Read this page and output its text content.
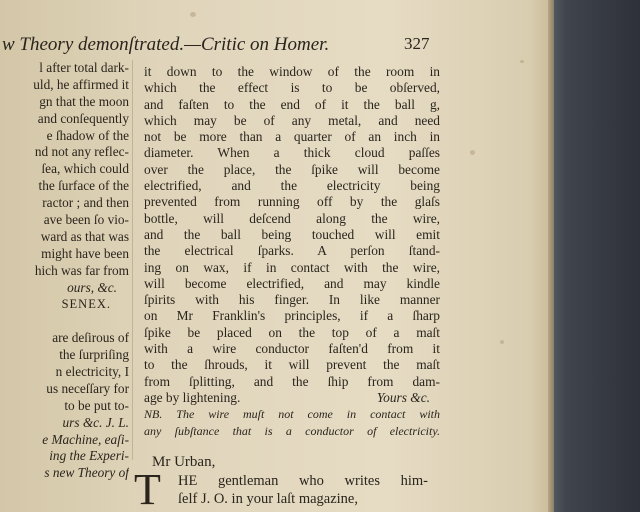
w Theory demonſtrated.—Critic on Homer.	327
l after total dark-
uld, he affirmed it
gn that the moon
and conſequently
e ſhadow of the
nd not any reflec-
ſea, which could
the ſurface of the
ractor ; and then
ave been ſo vio-
ward as that was
might have been
hich was far from
ours, &c.
SENEX.
are deſirous of
the ſurpriſing
n electricity, I
us neceſſary for
to be put to-
urs &c. J. L.
e Machine, eaſi-
ing the Experi-
s new Theory of
it down to the window of the room in
which the effect is to be obſerved,
and faſten to the end of it the ball g,
which may be of any metal, and need
not be more than a quarter of an inch in
diameter. When a thick cloud paſſes
over the place, the ſpike will become
electrified, and the electricity being
prevented from running off by the glaſs
bottle, will deſcend along the wire,
and the ball being touched will emit
the electrical ſparks. A perſon ſtand-
ing on wax, if in contact with the wire,
will become electrified, and may kindle
ſpirits with his finger. In like manner
on Mr Franklin's principles, if a ſharp
ſpike be placed on the top of a maſt
with a wire conductor faſten'd from it
to the ſhrouds, it will prevent the maſt
from ſplitting, and the ſhip from dam-
age by lightening.	Yours &c.
NB. The wire muſt not come in contact with
any ſubſtance that is a conductor of electricity.
Mr Urban,
T HE gentleman who writes him-
ſelf J. O. in your laſt magazine,
